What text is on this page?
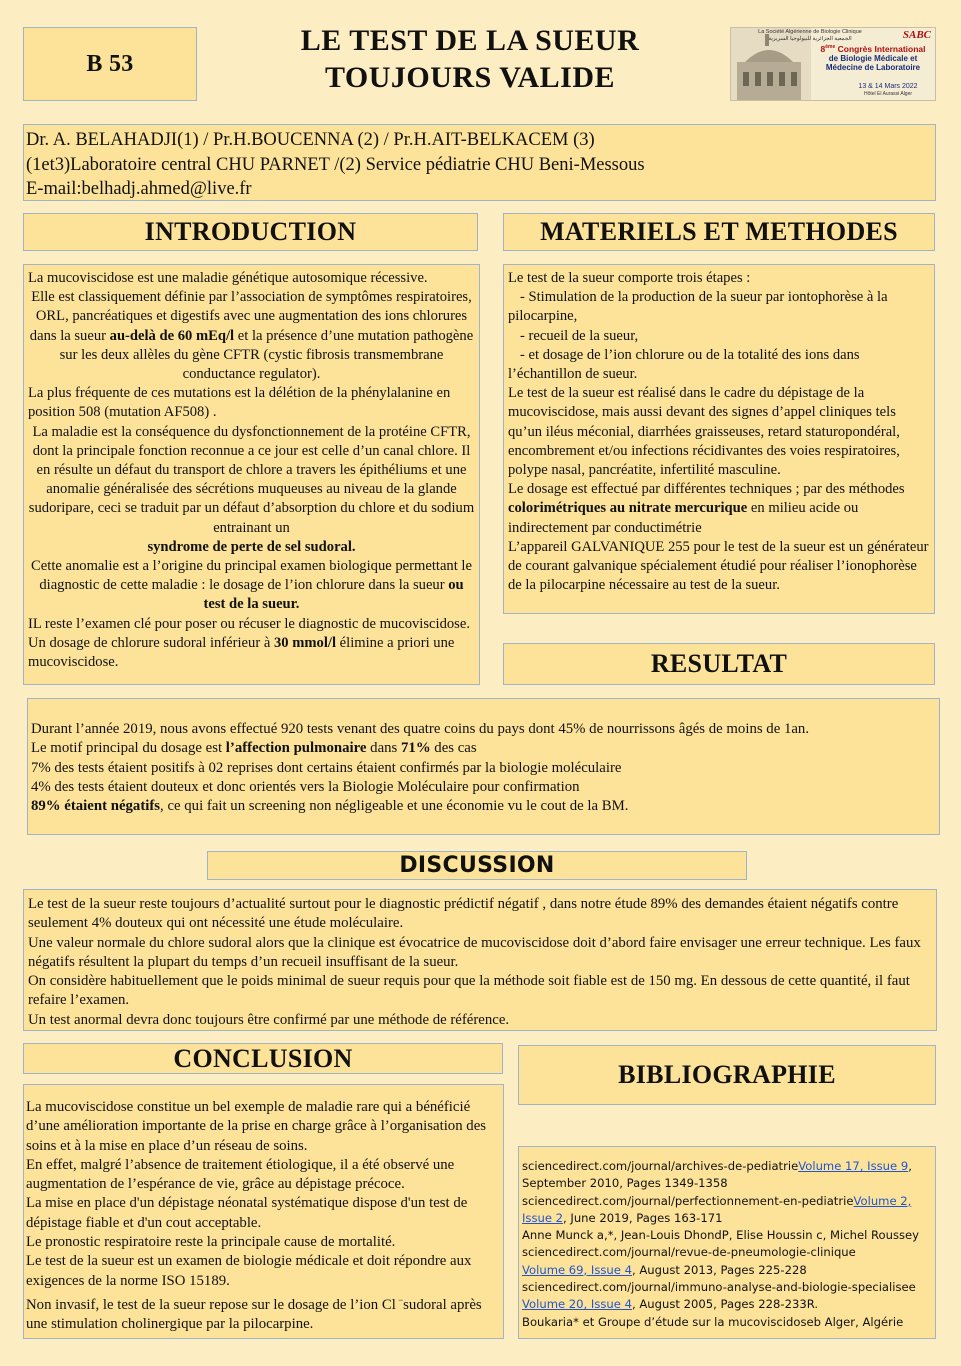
B 53
LE TEST DE LA SUEUR
TOUJOURS VALIDE
La Société Algérienne de Biologie Clinique
الجمعية الجزائرية للبيولوجيا السريرية	SABC
8ème Congrès International
de Biologie Médicale et
Médecine de Laboratoire
13 & 14 Mars 2022
Hôtel El Aurassi Alger
Dr. A. BELAHADJI(1) / Pr.H.BOUCENNA (2) / Pr.H.AIT-BELKACEM (3)
(1et3)Laboratoire central CHU PARNET /(2) Service pédiatrie CHU Beni-Messous
E-mail:belhadj.ahmed@live.fr
INTRODUCTION

La mucoviscidose est une maladie génétique autosomique récessive.

Elle est classiquement définie par l’association de symptômes respiratoires, ORL, pancréatiques et digestifs avec une augmentation des ions chlorures dans la sueur au-delà de 60 mEq/l et la présence d’une mutation pathogène sur les deux allèles du gène CFTR (cystic fibrosis transmembrane conductance regulator).

La plus fréquente de ces mutations est la délétion de la phénylalanine en position 508 (mutation AF508) .

La maladie est la conséquence du dysfonctionnement de la protéine CFTR, dont la principale fonction reconnue a ce jour est celle d’un canal chlore. Il en résulte un défaut du transport de chlore a travers les épithéliums et une anomalie généralisée des sécrétions muqueuses au niveau de la glande sudoripare, ceci se traduit par un défaut d’absorption du chlore et du sodium entrainant un

syndrome de perte de sel sudoral.

Cette anomalie est a l’origine du principal examen biologique permettant le diagnostic de cette maladie : le dosage de l’ion chlorure dans la sueur ou test de la sueur.

IL reste l’examen clé pour poser ou récuser le diagnostic de mucoviscidose.

Un dosage de chlorure sudoral inférieur à 30 mmol/l élimine a priori une mucoviscidose.

MATERIELS ET METHODES

Le test de la sueur comporte trois étapes :

- Stimulation de la production de la sueur par iontophorèse à la pilocarpine,

- recueil de la sueur,

- et dosage de l’ion chlorure ou de la totalité des ions dans l’échantillon de sueur.

Le test de la sueur est réalisé dans le cadre du dépistage de la mucoviscidose, mais aussi devant des signes d’appel cliniques tels qu’un iléus méconial, diarrhées graisseuses, retard staturopondéral, encombrement et/ou infections récidivantes des voies respiratoires, polype nasal, pancréatite, infertilité masculine.

Le dosage est effectué par différentes techniques ; par des méthodes colorimétriques au nitrate mercurique en milieu acide ou indirectement par conductimétrie

L’appareil GALVANIQUE 255 pour le test de la sueur est un générateur de courant galvanique spécialement étudié pour réaliser l’ionophorèse de la pilocarpine nécessaire au test de la sueur.

RESULTAT
Durant l’année 2019, nous avons effectué 920 tests venant des quatre coins du pays dont 45% de nourrissons âgés de moins de 1an.
Le motif principal du dosage est l’affection pulmonaire dans 71% des cas
7% des tests étaient positifs à 02 reprises dont certains étaient confirmés par la biologie moléculaire
4% des tests étaient douteux et donc orientés vers la Biologie Moléculaire pour confirmation
89% étaient négatifs, ce qui fait un screening non négligeable et une économie vu le cout de la BM.
DISCUSSION

Le test de la sueur reste toujours d’actualité surtout pour le diagnostic prédictif négatif , dans notre étude 89% des demandes étaient négatifs contre seulement 4% douteux qui ont nécessité une étude moléculaire.

Une valeur normale du chlore sudoral alors que la clinique est évocatrice de mucoviscidose doit d’abord faire envisager une erreur technique. Les faux négatifs résultent la plupart du temps d’un recueil insuffisant de la sueur.

On considère habituellement que le poids minimal de sueur requis pour que la méthode soit fiable est de 150 mg. En dessous de cette quantité, il faut refaire l’examen.

Un test anormal devra donc toujours être confirmé par une méthode de référence.

CONCLUSION

La mucoviscidose constitue un bel exemple de maladie rare qui a bénéficié d’une amélioration importante de la prise en charge grâce à l’organisation des soins et à la mise en place d’un réseau de soins.

En effet, malgré l’absence de traitement étiologique, il a été observé une augmentation de l’espérance de vie, grâce au dépistage précoce.

La mise en place d'un dépistage néonatal systématique dispose d'un test de dépistage fiable et d'un cout acceptable.

Le pronostic respiratoire reste la principale cause de mortalité.

Le test de la sueur est un examen de biologie médicale et doit répondre aux exigences de la norme ISO 15189.

Non invasif, le test de la sueur repose sur le dosage de l’ion Cl −sudoral après une stimulation cholinergique par la pilocarpine.

BIBLIOGRAPHIE
sciencedirect.com/journal/archives-de-pediatrieVolume 17, Issue 9, September 2010, Pages 1349-1358
sciencedirect.com/journal/perfectionnement-en-pediatrieVolume 2, Issue 2, June 2019, Pages 163-171
Anne Munck a,*, Jean-Louis DhondP, Elise Houssin c, Michel Roussey
sciencedirect.com/journal/revue-de-pneumologie-clinique
Volume 69, Issue 4, August 2013, Pages 225-228
sciencedirect.com/journal/immuno-analyse-and-biologie-specialisee
Volume 20, Issue 4, August 2005, Pages 228-233R.
Boukaria* et Groupe d’étude sur la mucoviscidoseb Alger, Algérie
